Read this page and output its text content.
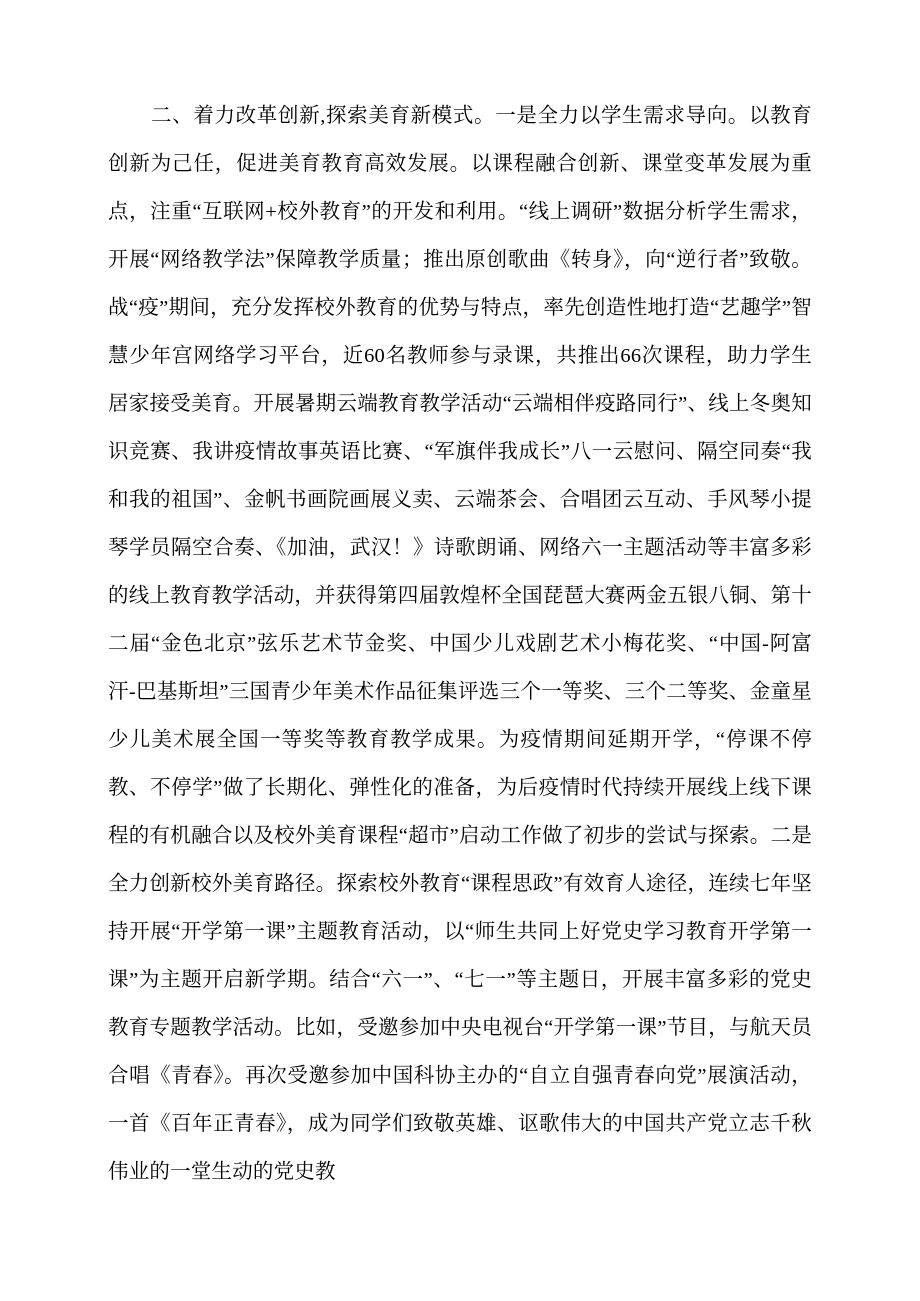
二、着力改革创新,探索美育新模式。一是全力以学生需求导向。以教育创新为己任，促进美育教育高效发展。以课程融合创新、课堂变革发展为重点，注重“互联网+校外教育”的开发和利用。“线上调研”数据分析学生需求，开展“网络教学法”保障教学质量；推出原创歌曲《转身》，向“逆行者”致敬。战“疫”期间，充分发挥校外教育的优势与特点，率先创造性地打造“艺趣学”智慧少年宫网络学习平台，近60名教师参与录课，共推出66次课程，助力学生居家接受美育。开展暑期云端教育教学活动“云端相伴疫路同行”、线上冬奥知识竞赛、我讲疫情故事英语比赛、“军旗伴我成长”八一云慰问、隔空同奏“我和我的祖国”、金帆书画院画展义卖、云端茶会、合唱团云互动、手风琴小提琴学员隔空合奏、《加油，武汉！》诗歌朗诵、网络六一主题活动等丰富多彩的线上教育教学活动，并获得第四届敦煌杯全国琵琶大赛两金五银八铜、第十二届“金色北京”弦乐艺术节金奖、中国少儿戏剧艺术小梅花奖、“中国-阿富汗-巴基斯坦”三国青少年美术作品征集评选三个一等奖、三个二等奖、金童星少儿美术展全国一等奖等教育教学成果。为疫情期间延期开学，“停课不停教、不停学”做了长期化、弹性化的准备，为后疫情时代持续开展线上线下课程的有机融合以及校外美育课程“超市”启动工作做了初步的尝试与探索。二是全力创新校外美育路径。探索校外教育“课程思政”有效育人途径，连续七年坚持开展“开学第一课”主题教育活动，以“师生共同上好党史学习教育开学第一课”为主题开启新学期。结合“六一”、“七一”等主题日，开展丰富多彩的党史教育专题教学活动。比如，受邀参加中央电视台“开学第一课”节目，与航天员合唱《青春》。再次受邀参加中国科协主办的“自立自强青春向党”展演活动，一首《百年正青春》，成为同学们致敬英雄、讴歌伟大的中国共产党立志千秋伟业的一堂生动的党史教
